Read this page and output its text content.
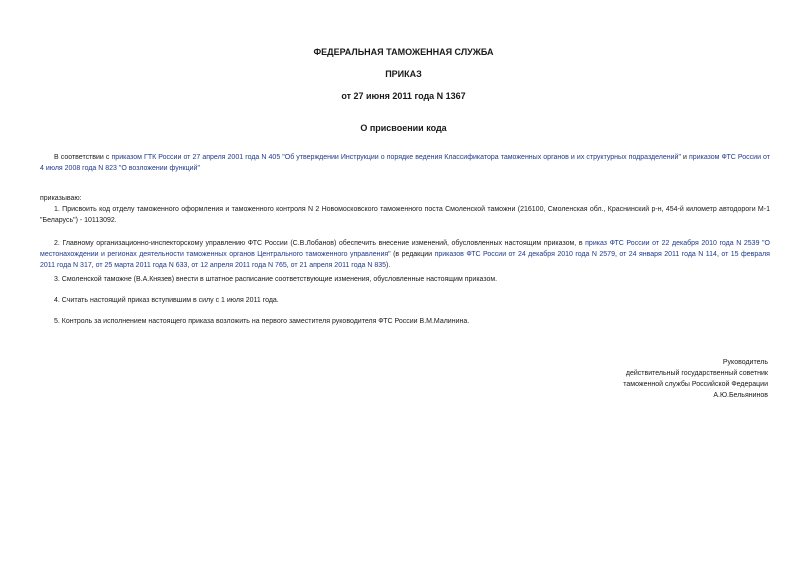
ФЕДЕРАЛЬНАЯ ТАМОЖЕННАЯ СЛУЖБА
ПРИКАЗ
от 27 июня 2011 года N 1367
О присвоении кода
В соответствии с приказом ГТК России от 27 апреля 2001 года N 405 "Об утверждении Инструкции о порядке ведения Классификатора таможенных органов и их структурных подразделений" и приказом ФТС России от 4 июля 2008 года N 823 "О возложении функций"
приказываю:
1. Присвоить код отделу таможенного оформления и таможенного контроля N 2 Новомосковского таможенного поста Смоленской таможни (216100, Смоленская обл., Краснинский р-н, 454-й километр автодороги М-1 "Беларусь") - 10113092.
2. Главному организационно-инспекторскому управлению ФТС России (С.В.Лобанов) обеспечить внесение изменений, обусловленных настоящим приказом, в приказ ФТС России от 22 декабря 2010 года N 2539 "О местонахождении и регионах деятельности таможенных органов Центрального таможенного управления" (в редакции приказов ФТС России от 24 декабря 2010 года N 2579, от 24 января 2011 года N 114, от 15 февраля 2011 года N 317, от 25 марта 2011 года N 633, от 12 апреля 2011 года N 765, от 21 апреля 2011 года N 835).
3. Смоленской таможне (В.А.Князев) внести в штатное расписание соответствующие изменения, обусловленные настоящим приказом.
4. Считать настоящий приказ вступившим в силу с 1 июля 2011 года.
5. Контроль за исполнением настоящего приказа возложить на первого заместителя руководителя ФТС России В.М.Малинина.
Руководитель
действительный государственный советник
таможенной службы Российской Федерации
А.Ю.Бельянинов
